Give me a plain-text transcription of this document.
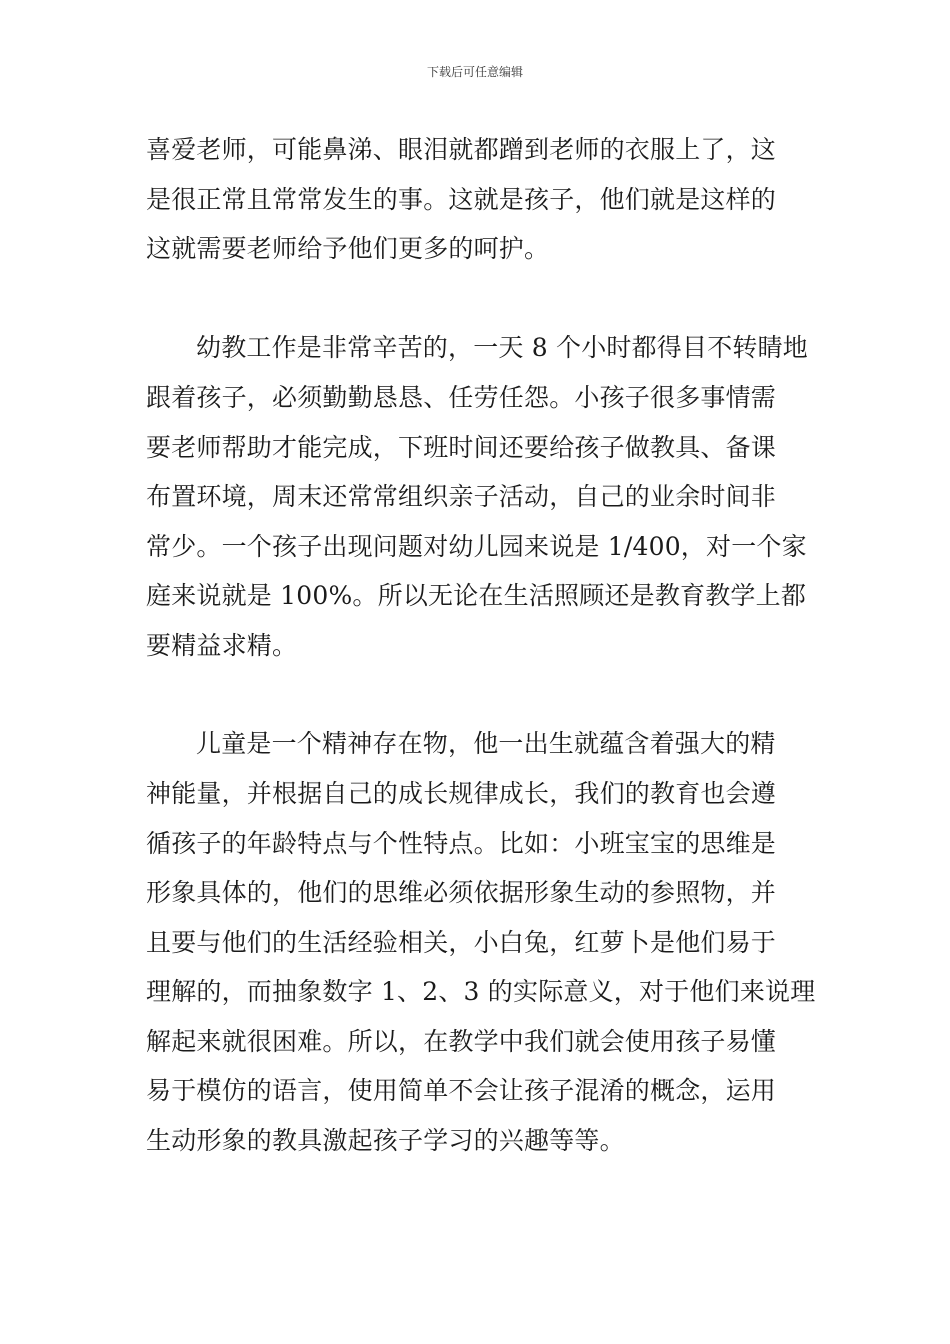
下载后可任意编辑
喜爱老师，可能鼻涕、眼泪就都蹭到老师的衣服上了，这
是很正常且常常发生的事。这就是孩子，他们就是这样的
这就需要老师给予他们更多的呵护。
幼教工作是非常辛苦的，一天 8 个小时都得目不转睛地
跟着孩子，必须勤勤恳恳、任劳任怨。小孩子很多事情需
要老师帮助才能完成，下班时间还要给孩子做教具、备课
布置环境，周末还常常组织亲子活动，自己的业余时间非
常少。一个孩子出现问题对幼儿园来说是 1/400，对一个家
庭来说就是 100%。所以无论在生活照顾还是教育教学上都
要精益求精。
儿童是一个精神存在物，他一出生就蕴含着强大的精
神能量，并根据自己的成长规律成长，我们的教育也会遵
循孩子的年龄特点与个性特点。比如：小班宝宝的思维是
形象具体的，他们的思维必须依据形象生动的参照物，并
且要与他们的生活经验相关，小白兔，红萝卜是他们易于
理解的，而抽象数字 1、2、3 的实际意义，对于他们来说理
解起来就很困难。所以，在教学中我们就会使用孩子易懂
易于模仿的语言，使用简单不会让孩子混淆的概念，运用
生动形象的教具激起孩子学习的兴趣等等。
